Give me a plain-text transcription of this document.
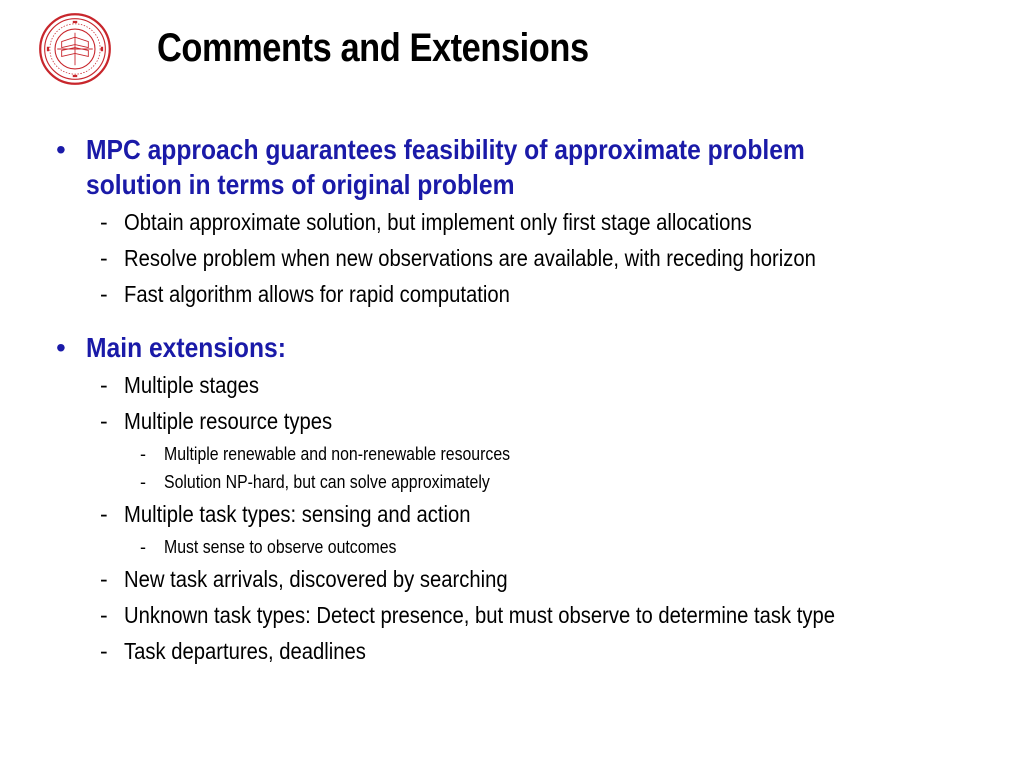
Comments and Extensions
• MPC approach guarantees feasibility of approximate problem
solution in terms of original problem
- Obtain approximate solution, but implement only first stage allocations
- Resolve problem when new observations are available, with receding horizon
- Fast algorithm allows for rapid computation
• Main extensions:
- Multiple stages
- Multiple resource types
- Multiple renewable and non-renewable resources
- Solution NP-hard, but can solve approximately
- Multiple task types: sensing and action
- Must sense to observe outcomes
- New task arrivals, discovered by searching
- Unknown task types: Detect presence, but must observe to determine task type
- Task departures, deadlines
